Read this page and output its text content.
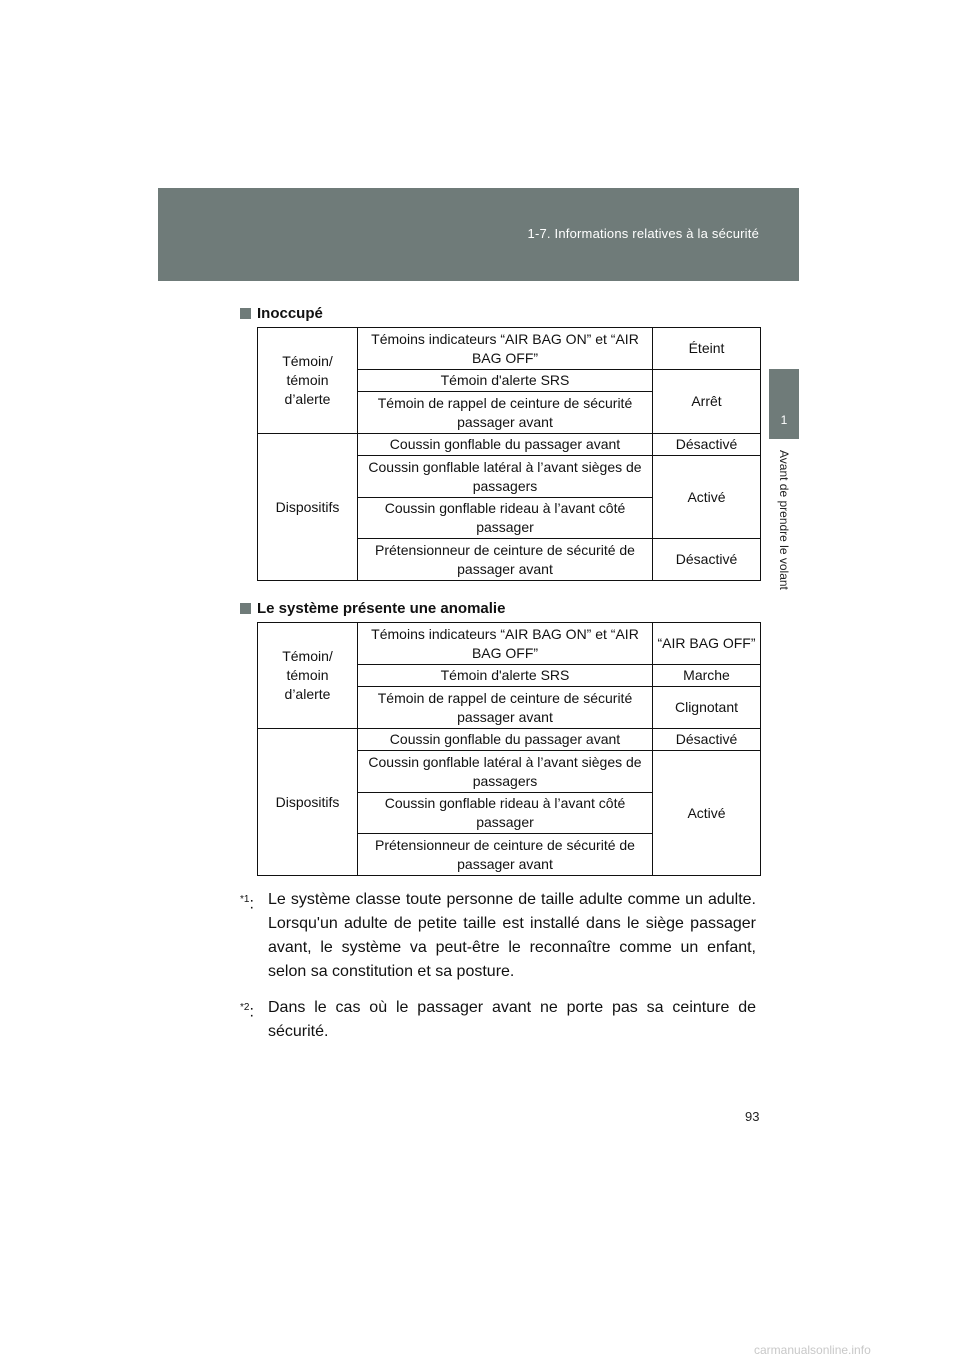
1-7. Informations relatives à la sécurité
1
Avant de prendre le volant
Inoccupé
Témoin/ témoin d’alerte	Témoins indicateurs “AIR BAG ON” et “AIR BAG OFF”	Éteint
	Témoin d'alerte SRS	Arrêt
	Témoin de rappel de ceinture de sécurité passager avant	
Dispositifs	Coussin gonflable du passager avant	Désactivé
	Coussin gonflable latéral à l’avant sièges de passagers	Activé
	Coussin gonflable rideau à l’avant côté passager	
	Prétensionneur de ceinture de sécurité de passager avant	Désactivé
Le système présente une anomalie
Témoin/ témoin d’alerte	Témoins indicateurs “AIR BAG ON” et “AIR BAG OFF”	“AIR BAG OFF”
	Témoin d'alerte SRS	Marche
	Témoin de rappel de ceinture de sécurité passager avant	Clignotant
Dispositifs	Coussin gonflable du passager avant	Désactivé
	Coussin gonflable latéral à l’avant sièges de passagers	Activé
	Coussin gonflable rideau à l’avant côté passager	
	Prétensionneur de ceinture de sécurité de passager avant	
$^{*1}$: Le système classe toute personne de taille adulte comme un adulte. Lorsqu'un adulte de petite taille est installé dans le siège passager avant, le système va peut-être le reconnaître comme un enfant, selon sa constitution et sa posture.
$^{*2}$: Dans le cas où le passager avant ne porte pas sa ceinture de sécurité.
93
carmanualsonline.info
